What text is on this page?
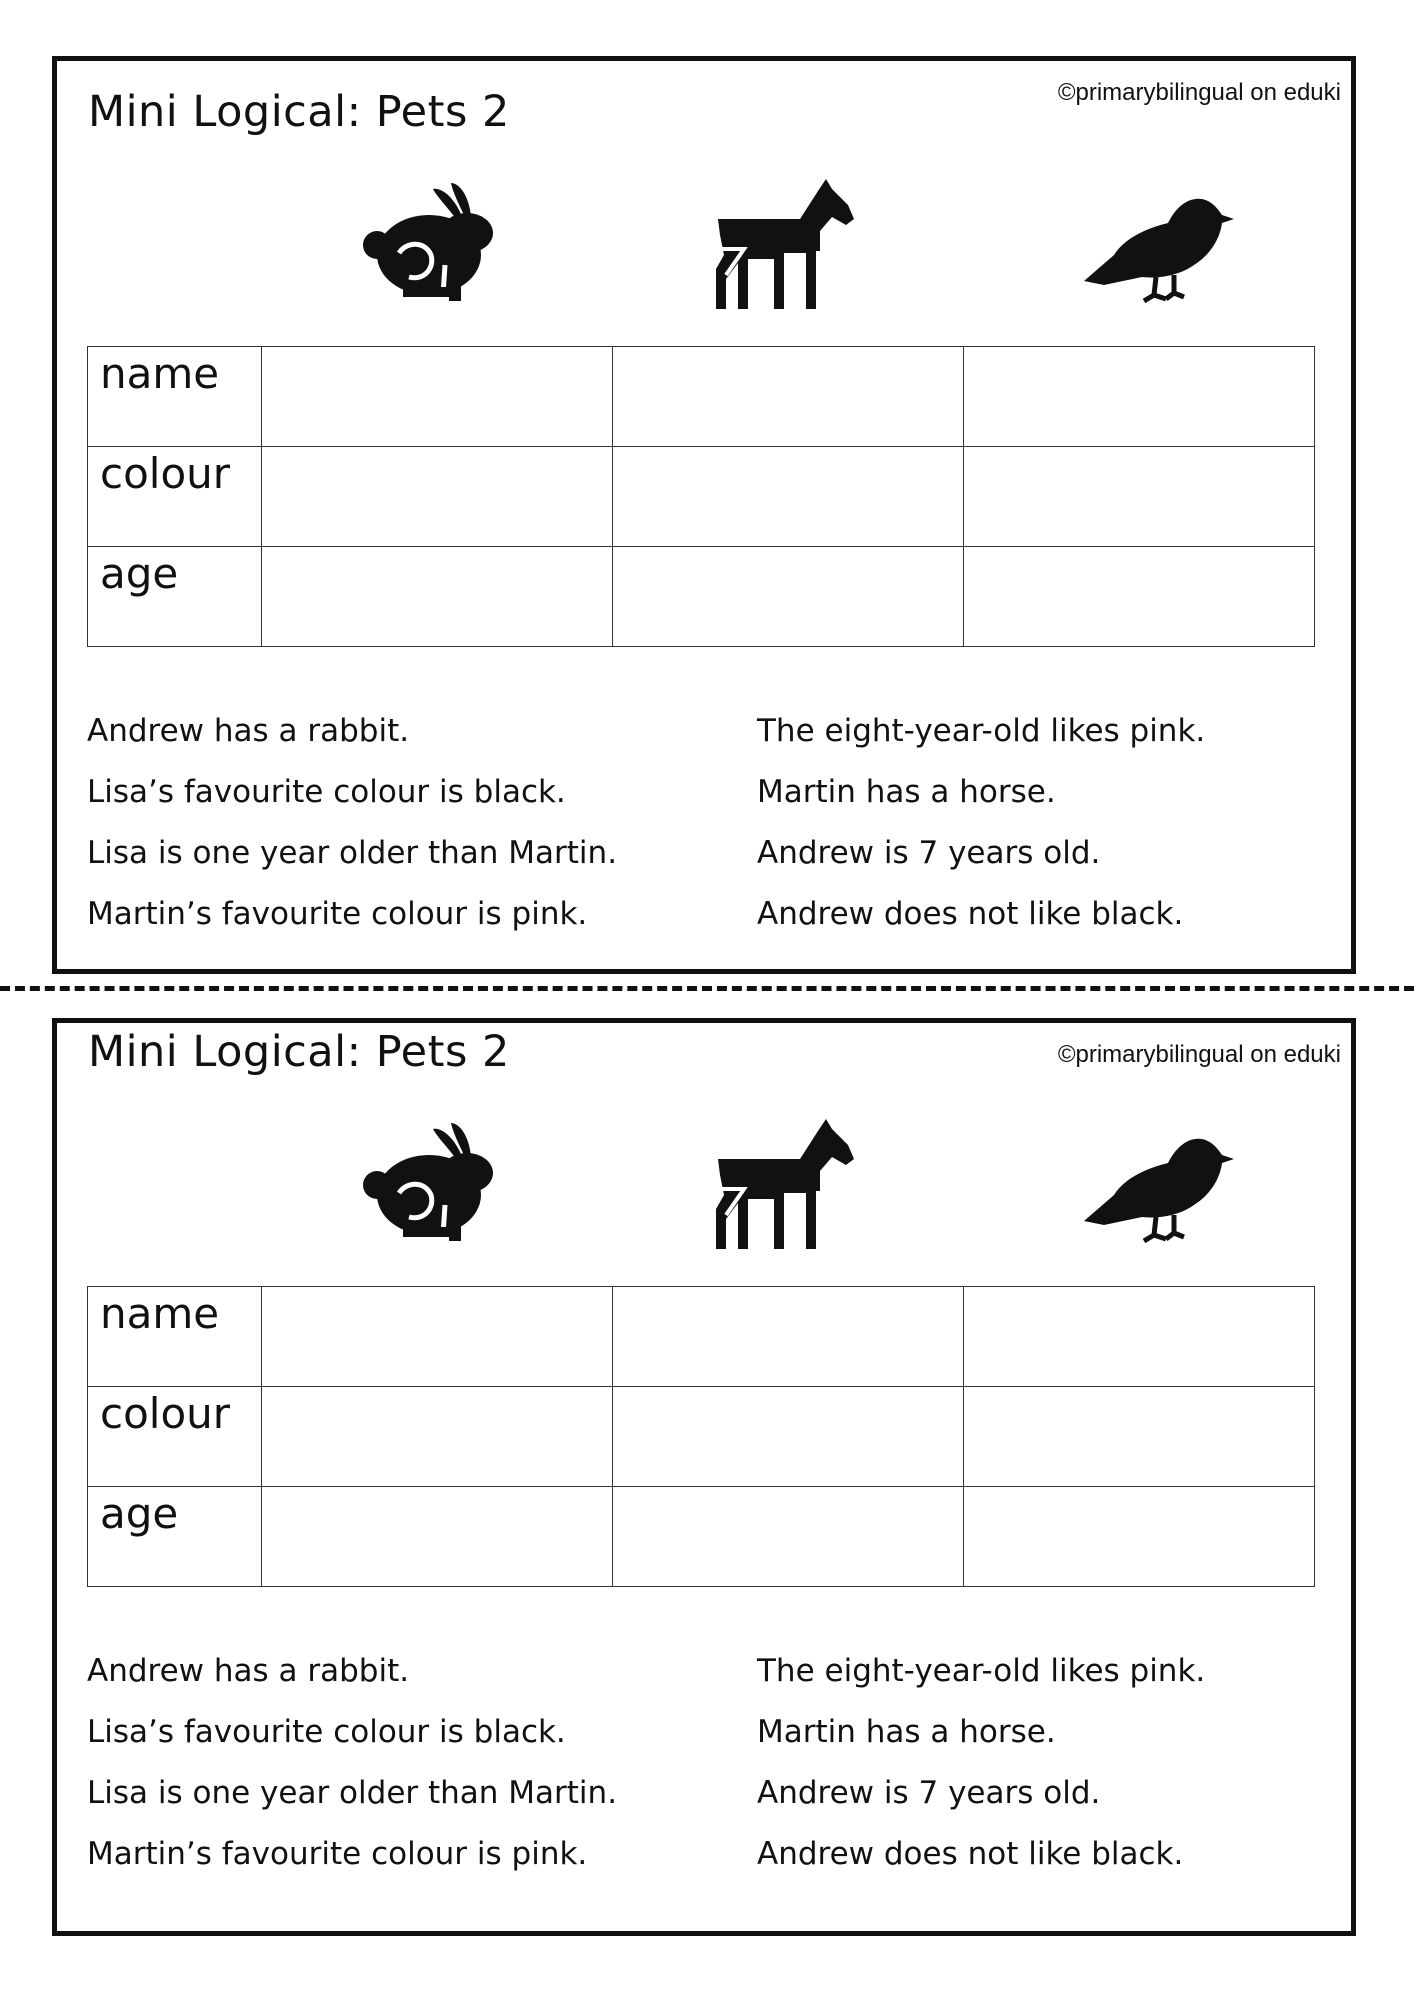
Mini Logical: Pets 2	©primarybilingual on eduki
name			
colour			
age			
Andrew has a rabbit.
Lisa’s favourite colour is black.
Lisa is one year older than Martin.
Martin’s favourite colour is pink.
The eight-year-old likes pink.
Martin has a horse.
Andrew is 7 years old.
Andrew does not like black.
Mini Logical: Pets 2	©primarybilingual on eduki
name			
colour			
age			
Andrew has a rabbit.
Lisa’s favourite colour is black.
Lisa is one year older than Martin.
Martin’s favourite colour is pink.
The eight-year-old likes pink.
Martin has a horse.
Andrew is 7 years old.
Andrew does not like black.
